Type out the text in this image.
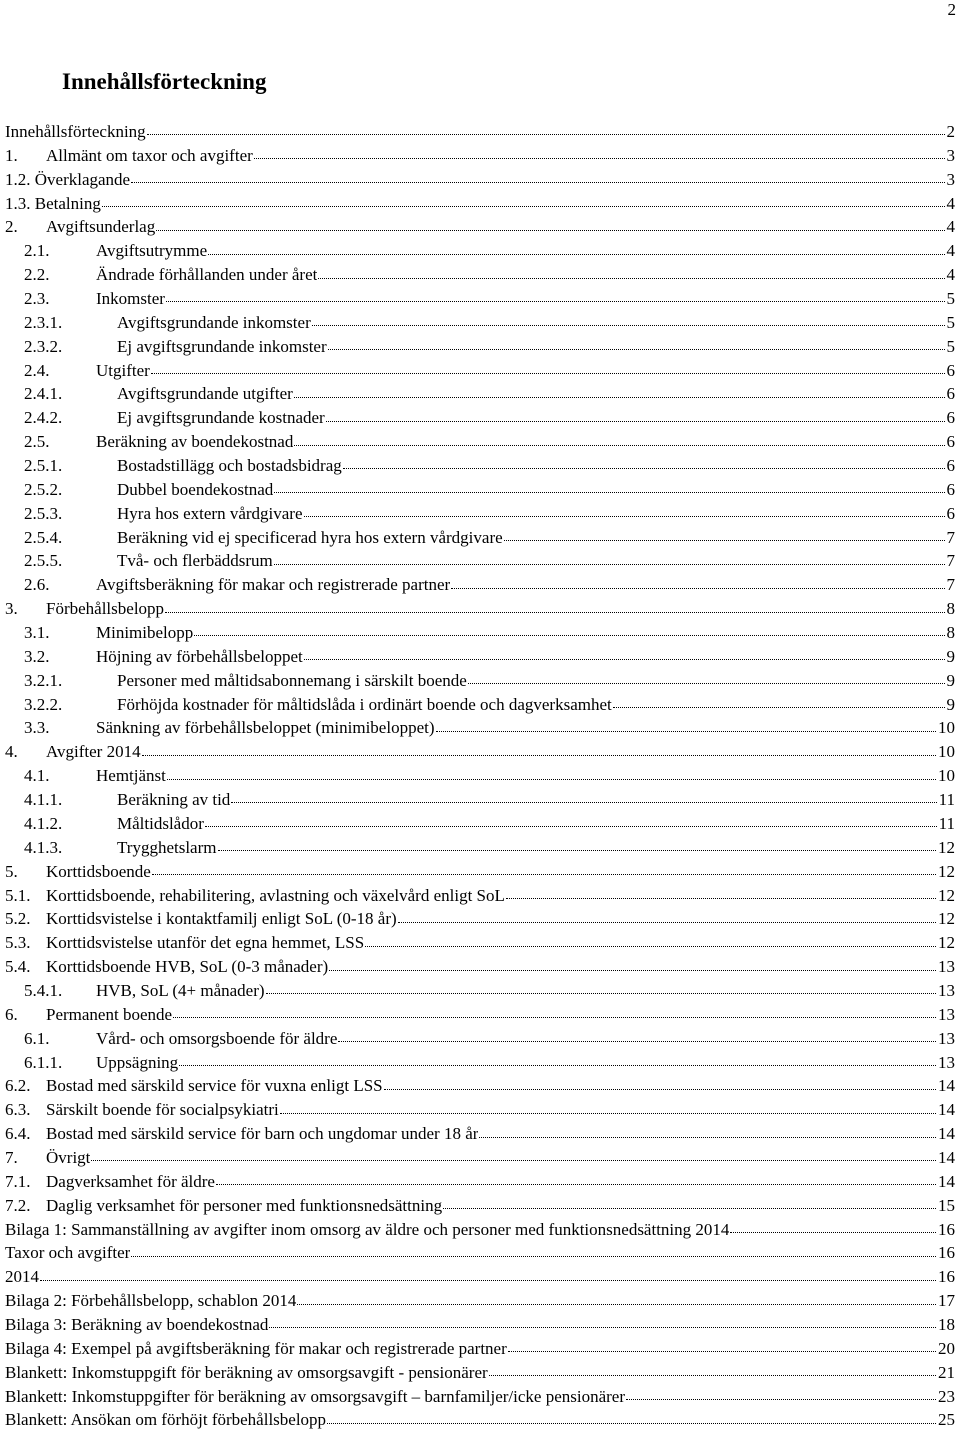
2
Innehållsförteckning
Innehållsförteckning	2
1.	Allmänt om taxor och avgifter	3
1.2. Överklagande	3
1.3. Betalning	4
2.	Avgiftsunderlag	4
2.1.	Avgiftsutrymme	4
2.2.	Ändrade förhållanden under året	4
2.3.	Inkomster	5
2.3.1.	Avgiftsgrundande inkomster	5
2.3.2.	Ej avgiftsgrundande inkomster	5
2.4.	Utgifter	6
2.4.1.	Avgiftsgrundande utgifter	6
2.4.2.	Ej avgiftsgrundande kostnader	6
2.5.	Beräkning av boendekostnad	6
2.5.1.	Bostadstillägg och bostadsbidrag	6
2.5.2.	Dubbel boendekostnad	6
2.5.3.	Hyra hos extern vårdgivare	6
2.5.4.	Beräkning vid ej specificerad hyra hos extern vårdgivare	7
2.5.5.	Två- och flerbäddsrum	7
2.6.	Avgiftsberäkning för makar och registrerade partner	7
3.	Förbehållsbelopp	8
3.1.	Minimibelopp	8
3.2.	Höjning av förbehållsbeloppet	9
3.2.1.	Personer med måltidsabonnemang i särskilt boende	9
3.2.2.	Förhöjda kostnader för måltidslåda i ordinärt boende och dagverksamhet	9
3.3.	Sänkning av förbehållsbeloppet (minimibeloppet)	10
4.	Avgifter 2014	10
4.1.	Hemtjänst	10
4.1.1.	Beräkning av tid	11
4.1.2.	Måltidslådor	11
4.1.3.	Trygghetslarm	12
5.	Korttidsboende	12
5.1. Korttidsboende, rehabilitering, avlastning och växelvård enligt SoL	12
5.2. Korttidsvistelse i kontaktfamilj enligt SoL (0-18 år)	12
5.3. Korttidsvistelse utanför det egna hemmet, LSS	12
5.4. Korttidsboende HVB, SoL (0-3 månader)	13
5.4.1.	HVB, SoL (4+ månader)	13
6.	Permanent boende	13
6.1.	Vård- och omsorgsboende för äldre	13
6.1.1.	Uppsägning	13
6.2. Bostad med särskild service för vuxna enligt LSS	14
6.3. Särskilt boende för socialpsykiatri	14
6.4. Bostad med särskild service för barn och ungdomar under 18 år	14
7.	Övrigt	14
7.1. Dagverksamhet för äldre	14
7.2. Daglig verksamhet för personer med funktionsnedsättning	15
Bilaga 1: Sammanställning av avgifter inom omsorg av äldre och personer med funktionsnedsättning 2014	16
Taxor och avgifter	16
2014	16
Bilaga 2: Förbehållsbelopp, schablon 2014	17
Bilaga 3: Beräkning av boendekostnad	18
Bilaga 4: Exempel på avgiftsberäkning för makar och registrerade partner	20
Blankett: Inkomstuppgift för beräkning av omsorgsavgift - pensionärer	21
Blankett: Inkomstuppgifter för beräkning av omsorgsavgift – barnfamiljer/icke pensionärer	23
Blankett: Ansökan om förhöjt förbehållsbelopp	25
